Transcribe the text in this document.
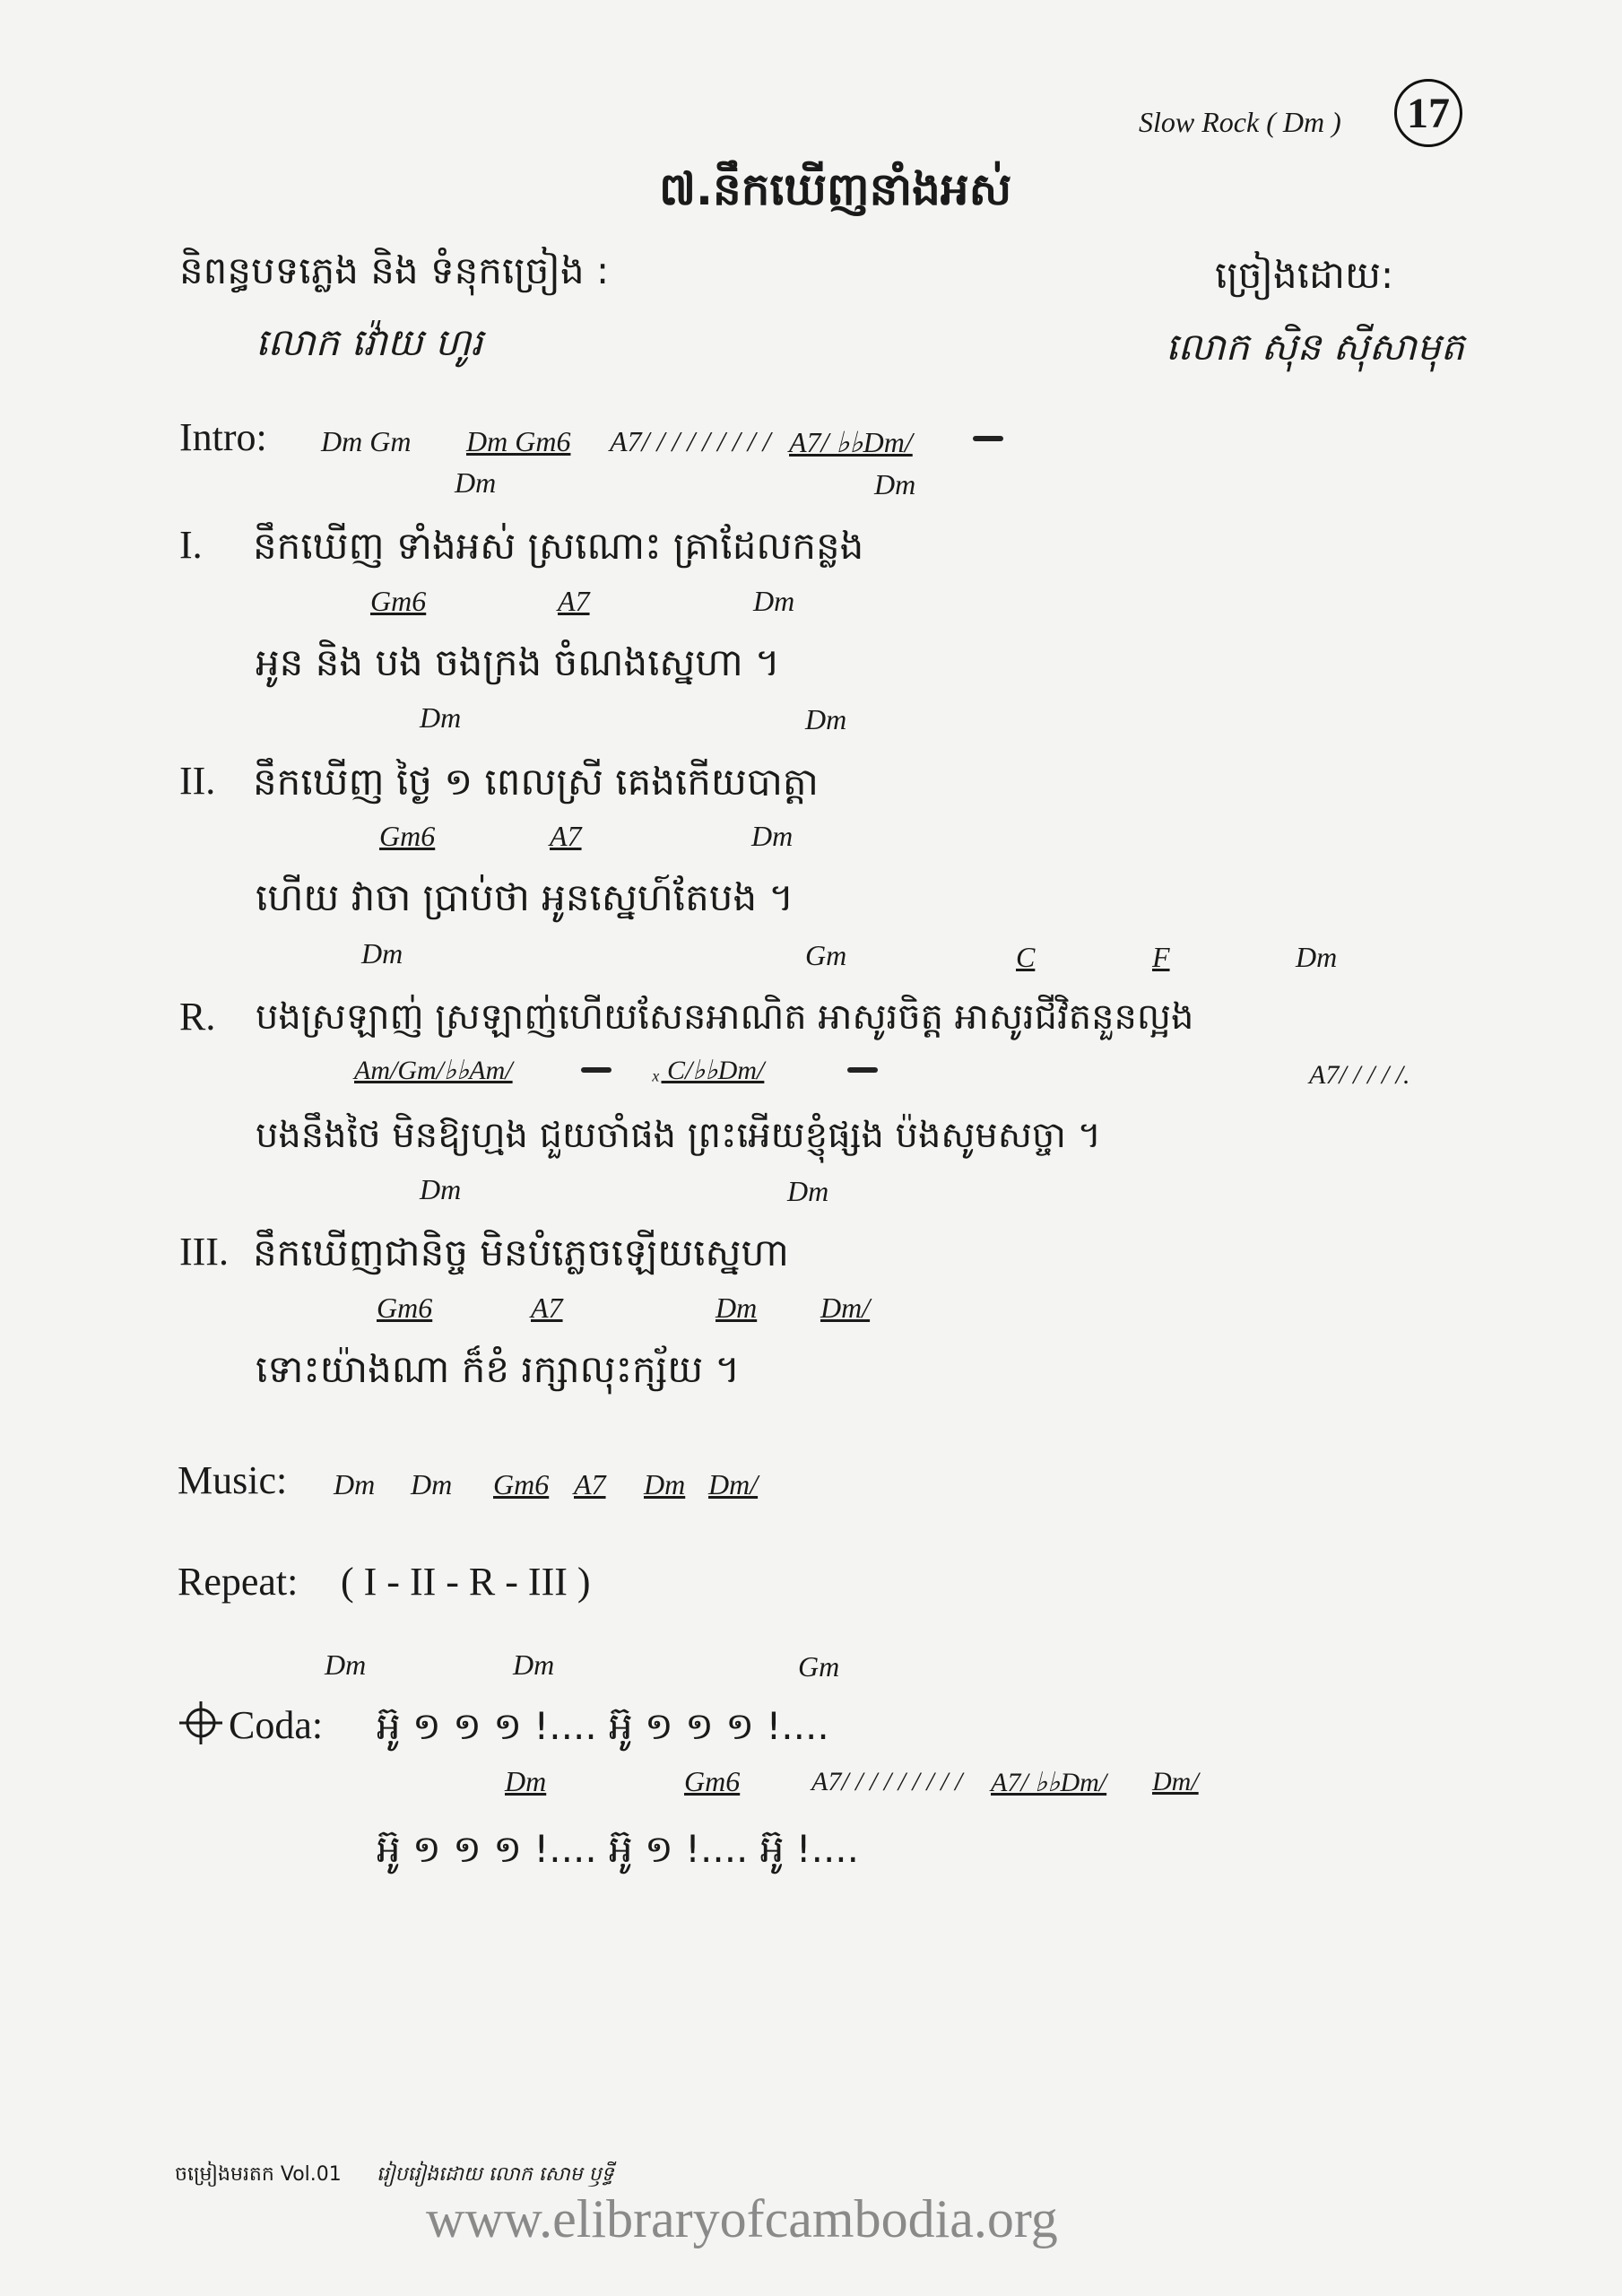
Slow Rock ( Dm ) 17
៧.នឹកឃើញនាំងអស់
និពន្ធបទភ្លេង និង ទំនុកច្រៀង :
លោក វ៉ោយ ហូរ
ច្រៀងដោយ:
លោក ស៊ិន ស៊ីសាមុត
Intro: Dm Gm Dm Gm6 A7/ / / / / / / / / A7/ ♭♭Dm/
Dm	Dm
I. នឹកឃើញ ទាំងអស់ ស្រណោះ គ្រាដែលកន្លង
Gm6	A7	Dm
អូន និង បង ចងក្រង ចំណងស្នេហា ។
Dm	Dm
II. នឹកឃើញ ថ្ងៃ ១ ពេលស្រី គេងកើយបាត្តា
Gm6	A7	Dm
ហើយ វាចា ប្រាប់ថា អូនស្នេហ៍តែបង ។
Dm	Gm	C	F	Dm
R. បងស្រឡាញ់ ស្រឡាញ់ហើយសែនអាណិត អាសូរចិត្ត អាសូរជីវិតនួនល្អង
Am/Gm/♭♭Am/	ₓ C/♭♭Dm/	A7/ / / / /.
បងនឹងថៃ មិនឱ្យហ្មង ជួយចាំផង ព្រះអើយខ្ញុំផ្សង ប៉ងសូមសច្ចា ។
Dm	Dm
III. នឹកឃើញជានិច្ច មិនបំភ្លេចឡើយស្នេហា
Gm6	A7	Dm Dm/
ទោះយ៉ាងណា ក៏ខំ រក្សាលុះក្ស័យ ។
Music: Dm Dm Gm6 A7 Dm Dm/
Repeat: ( I - II - R - III )
Dm	Dm	Gm
Coda: អ៊ូ ១ ១ ១ !.... អ៊ូ ១ ១ ១ !....
Dm	Gm6	A7/ / / / / / / / / A7/ ♭♭Dm/ Dm/
អ៊ូ ១ ១ ១ !.... អ៊ូ ១ !.... អ៊ូ !....
ចម្រៀងមរតក Vol.01 រៀបរៀងដោយ លោក សោម ឫទ្ធី
www.elibraryofcambodia.org
